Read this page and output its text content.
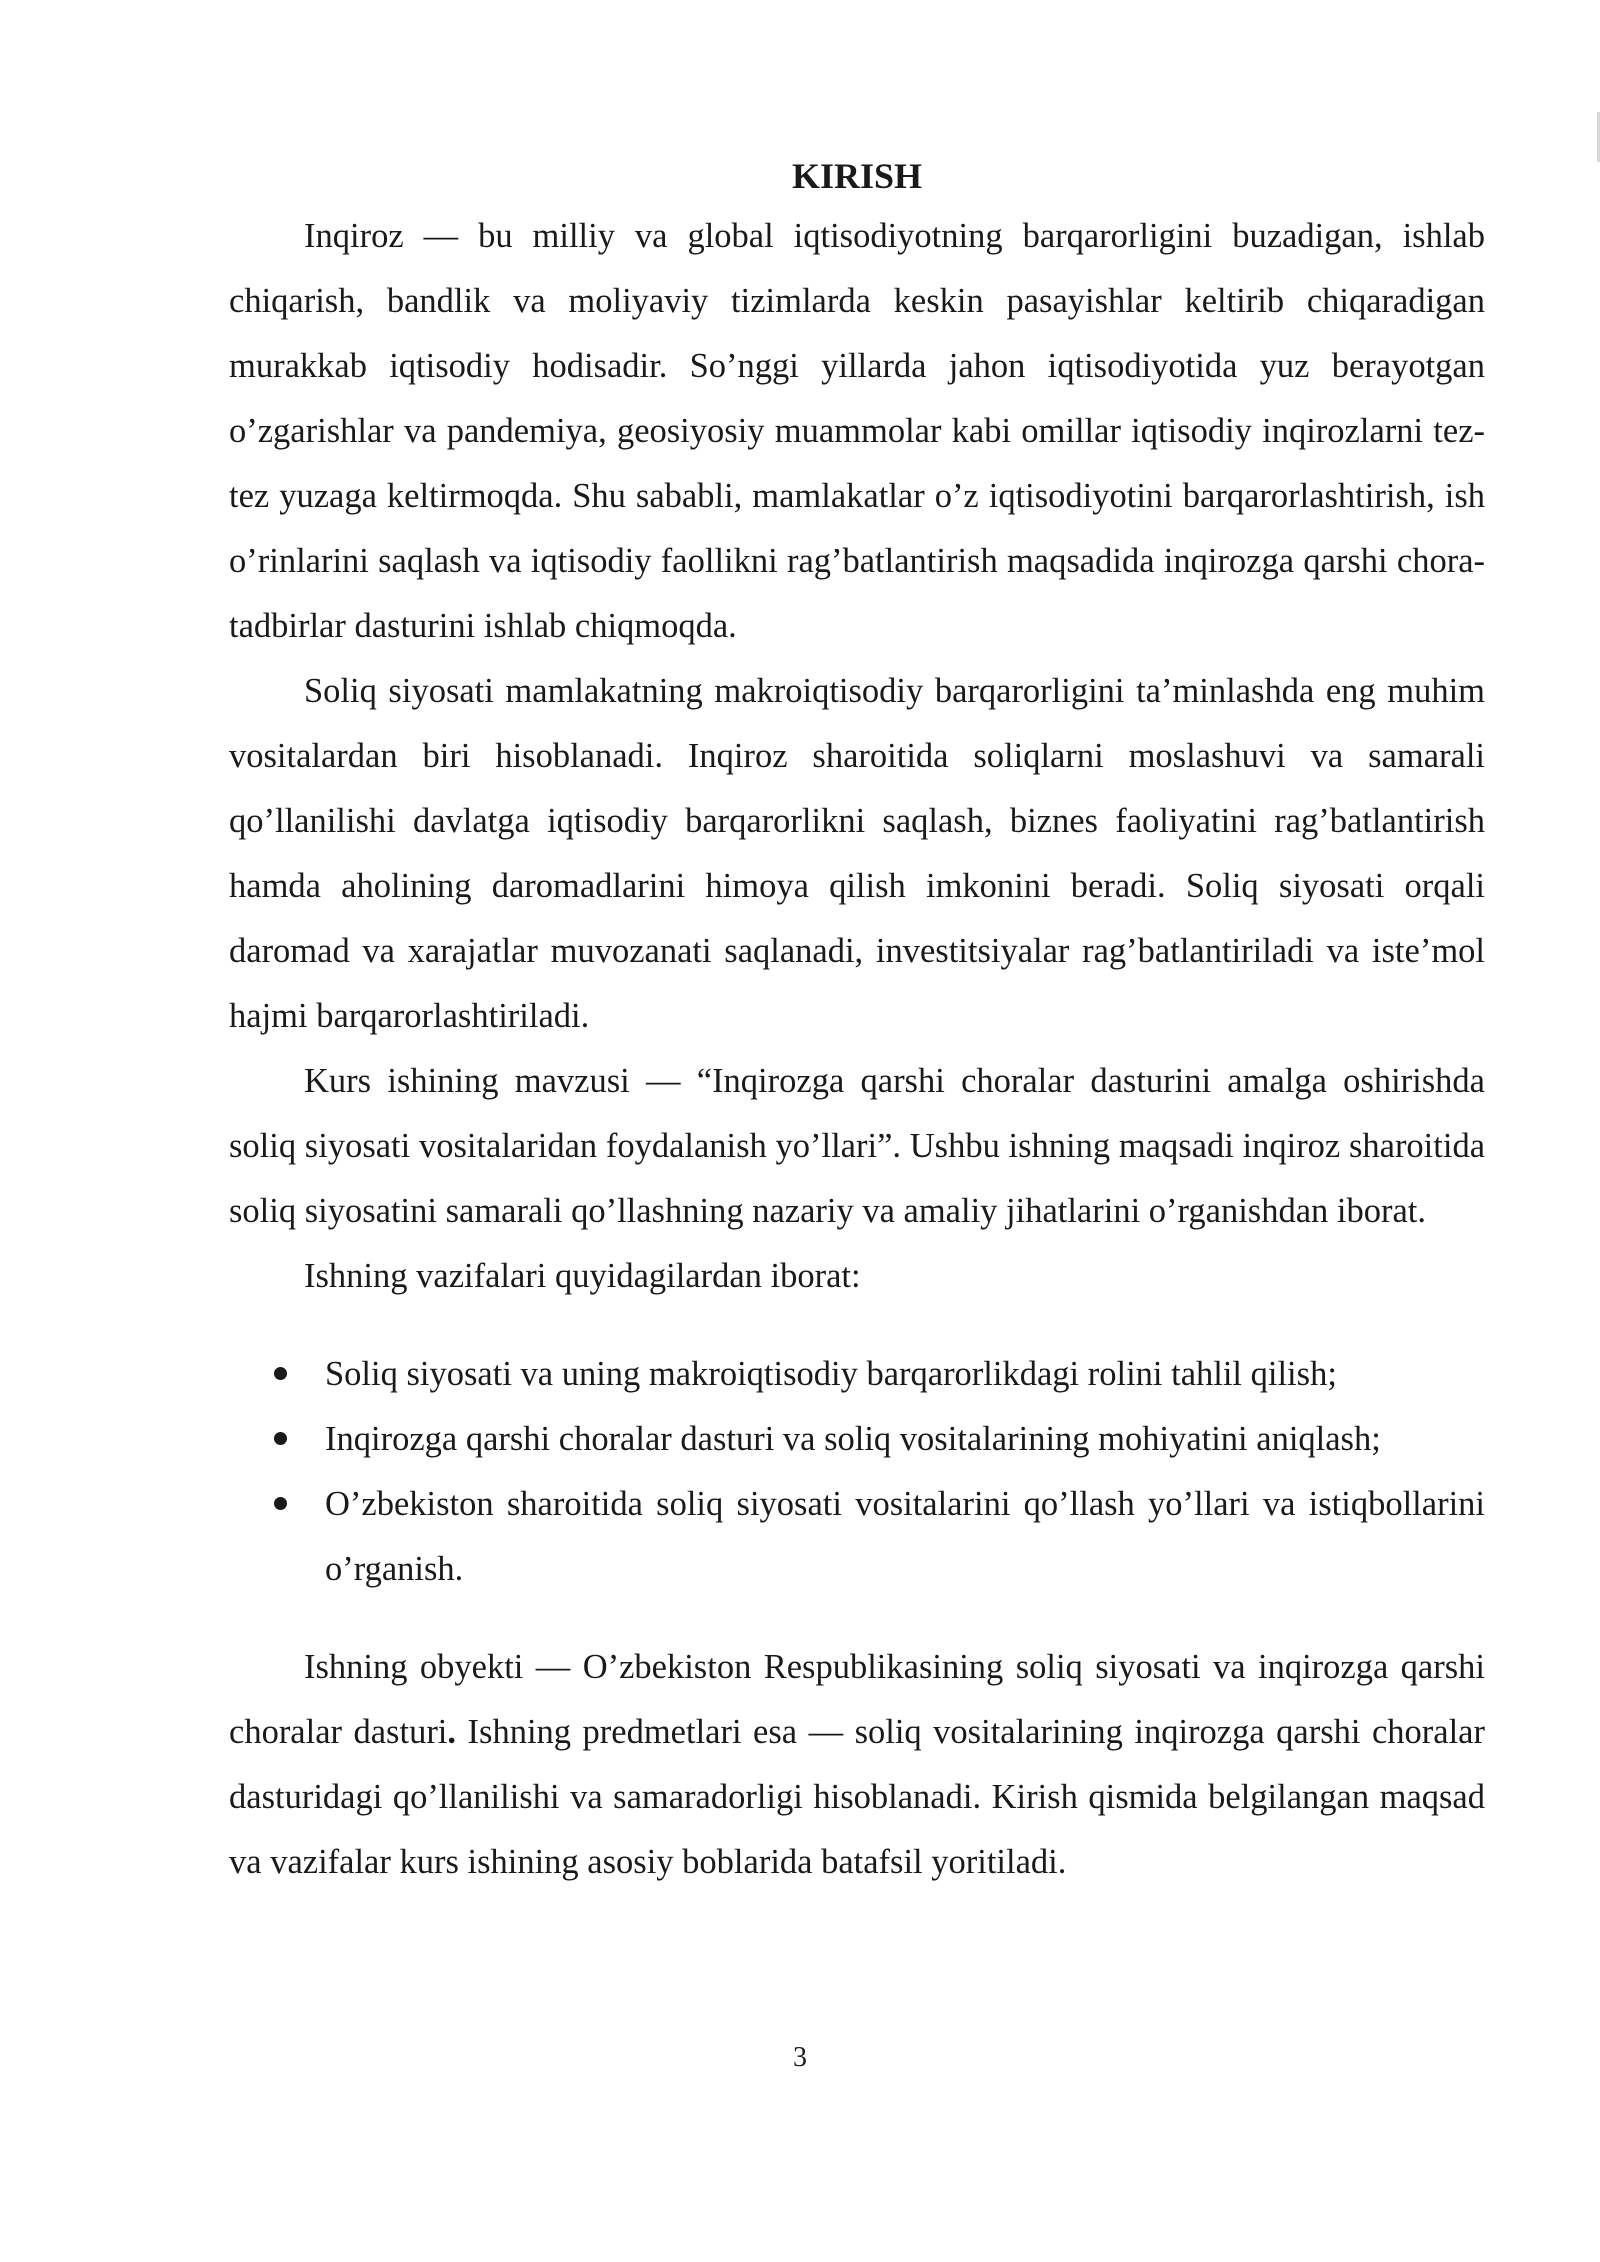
KIRISH

Inqiroz — bu milliy va global iqtisodiyotning barqarorligini buzadigan, ishlab chiqarish, bandlik va moliyaviy tizimlarda keskin pasayishlar keltirib chiqaradigan murakkab iqtisodiy hodisadir. So’nggi yillarda jahon iqtisodiyotida yuz berayotgan o’zgarishlar va pandemiya, geosiyosiy muammolar kabi omillar iqtisodiy inqirozlarni tez-tez yuzaga keltirmoqda. Shu sababli, mamlakatlar o’z iqtisodiyotini barqarorlashtirish, ish o’rinlarini saqlash va iqtisodiy faollikni rag’batlantirish maqsadida inqirozga qarshi chora-tadbirlar dasturini ishlab chiqmoqda.

Soliq siyosati mamlakatning makroiqtisodiy barqarorligini ta’minlashda eng muhim vositalardan biri hisoblanadi. Inqiroz sharoitida soliqlarni moslashuvi va samarali qo’llanilishi davlatga iqtisodiy barqarorlikni saqlash, biznes faoliyatini rag’batlantirish hamda aholining daromadlarini himoya qilish imkonini beradi. Soliq siyosati orqali daromad va xarajatlar muvozanati saqlanadi, investitsiyalar rag’batlantiriladi va iste’mol hajmi barqarorlashtiriladi.

Kurs ishining mavzusi — “Inqirozga qarshi choralar dasturini amalga oshirishda soliq siyosati vositalaridan foydalanish yo’llari”. Ushbu ishning maqsadi inqiroz sharoitida soliq siyosatini samarali qo’llashning nazariy va amaliy jihatlarini o’rganishdan iborat.

Ishning vazifalari quyidagilardan iborat:

Soliq siyosati va uning makroiqtisodiy barqarorlikdagi rolini tahlil qilish;
Inqirozga qarshi choralar dasturi va soliq vositalarining mohiyatini aniqlash;
O’zbekiston sharoitida soliq siyosati vositalarini qo’llash yo’llari va istiqbollarini o’rganish.

Ishning obyekti — O’zbekiston Respublikasining soliq siyosati va inqirozga qarshi choralar dasturi. Ishning predmetlari esa — soliq vositalarining inqirozga qarshi choralar dasturidagi qo’llanilishi va samaradorligi hisoblanadi. Kirish qismida belgilangan maqsad va vazifalar kurs ishining asosiy boblarida batafsil yoritiladi.

3
